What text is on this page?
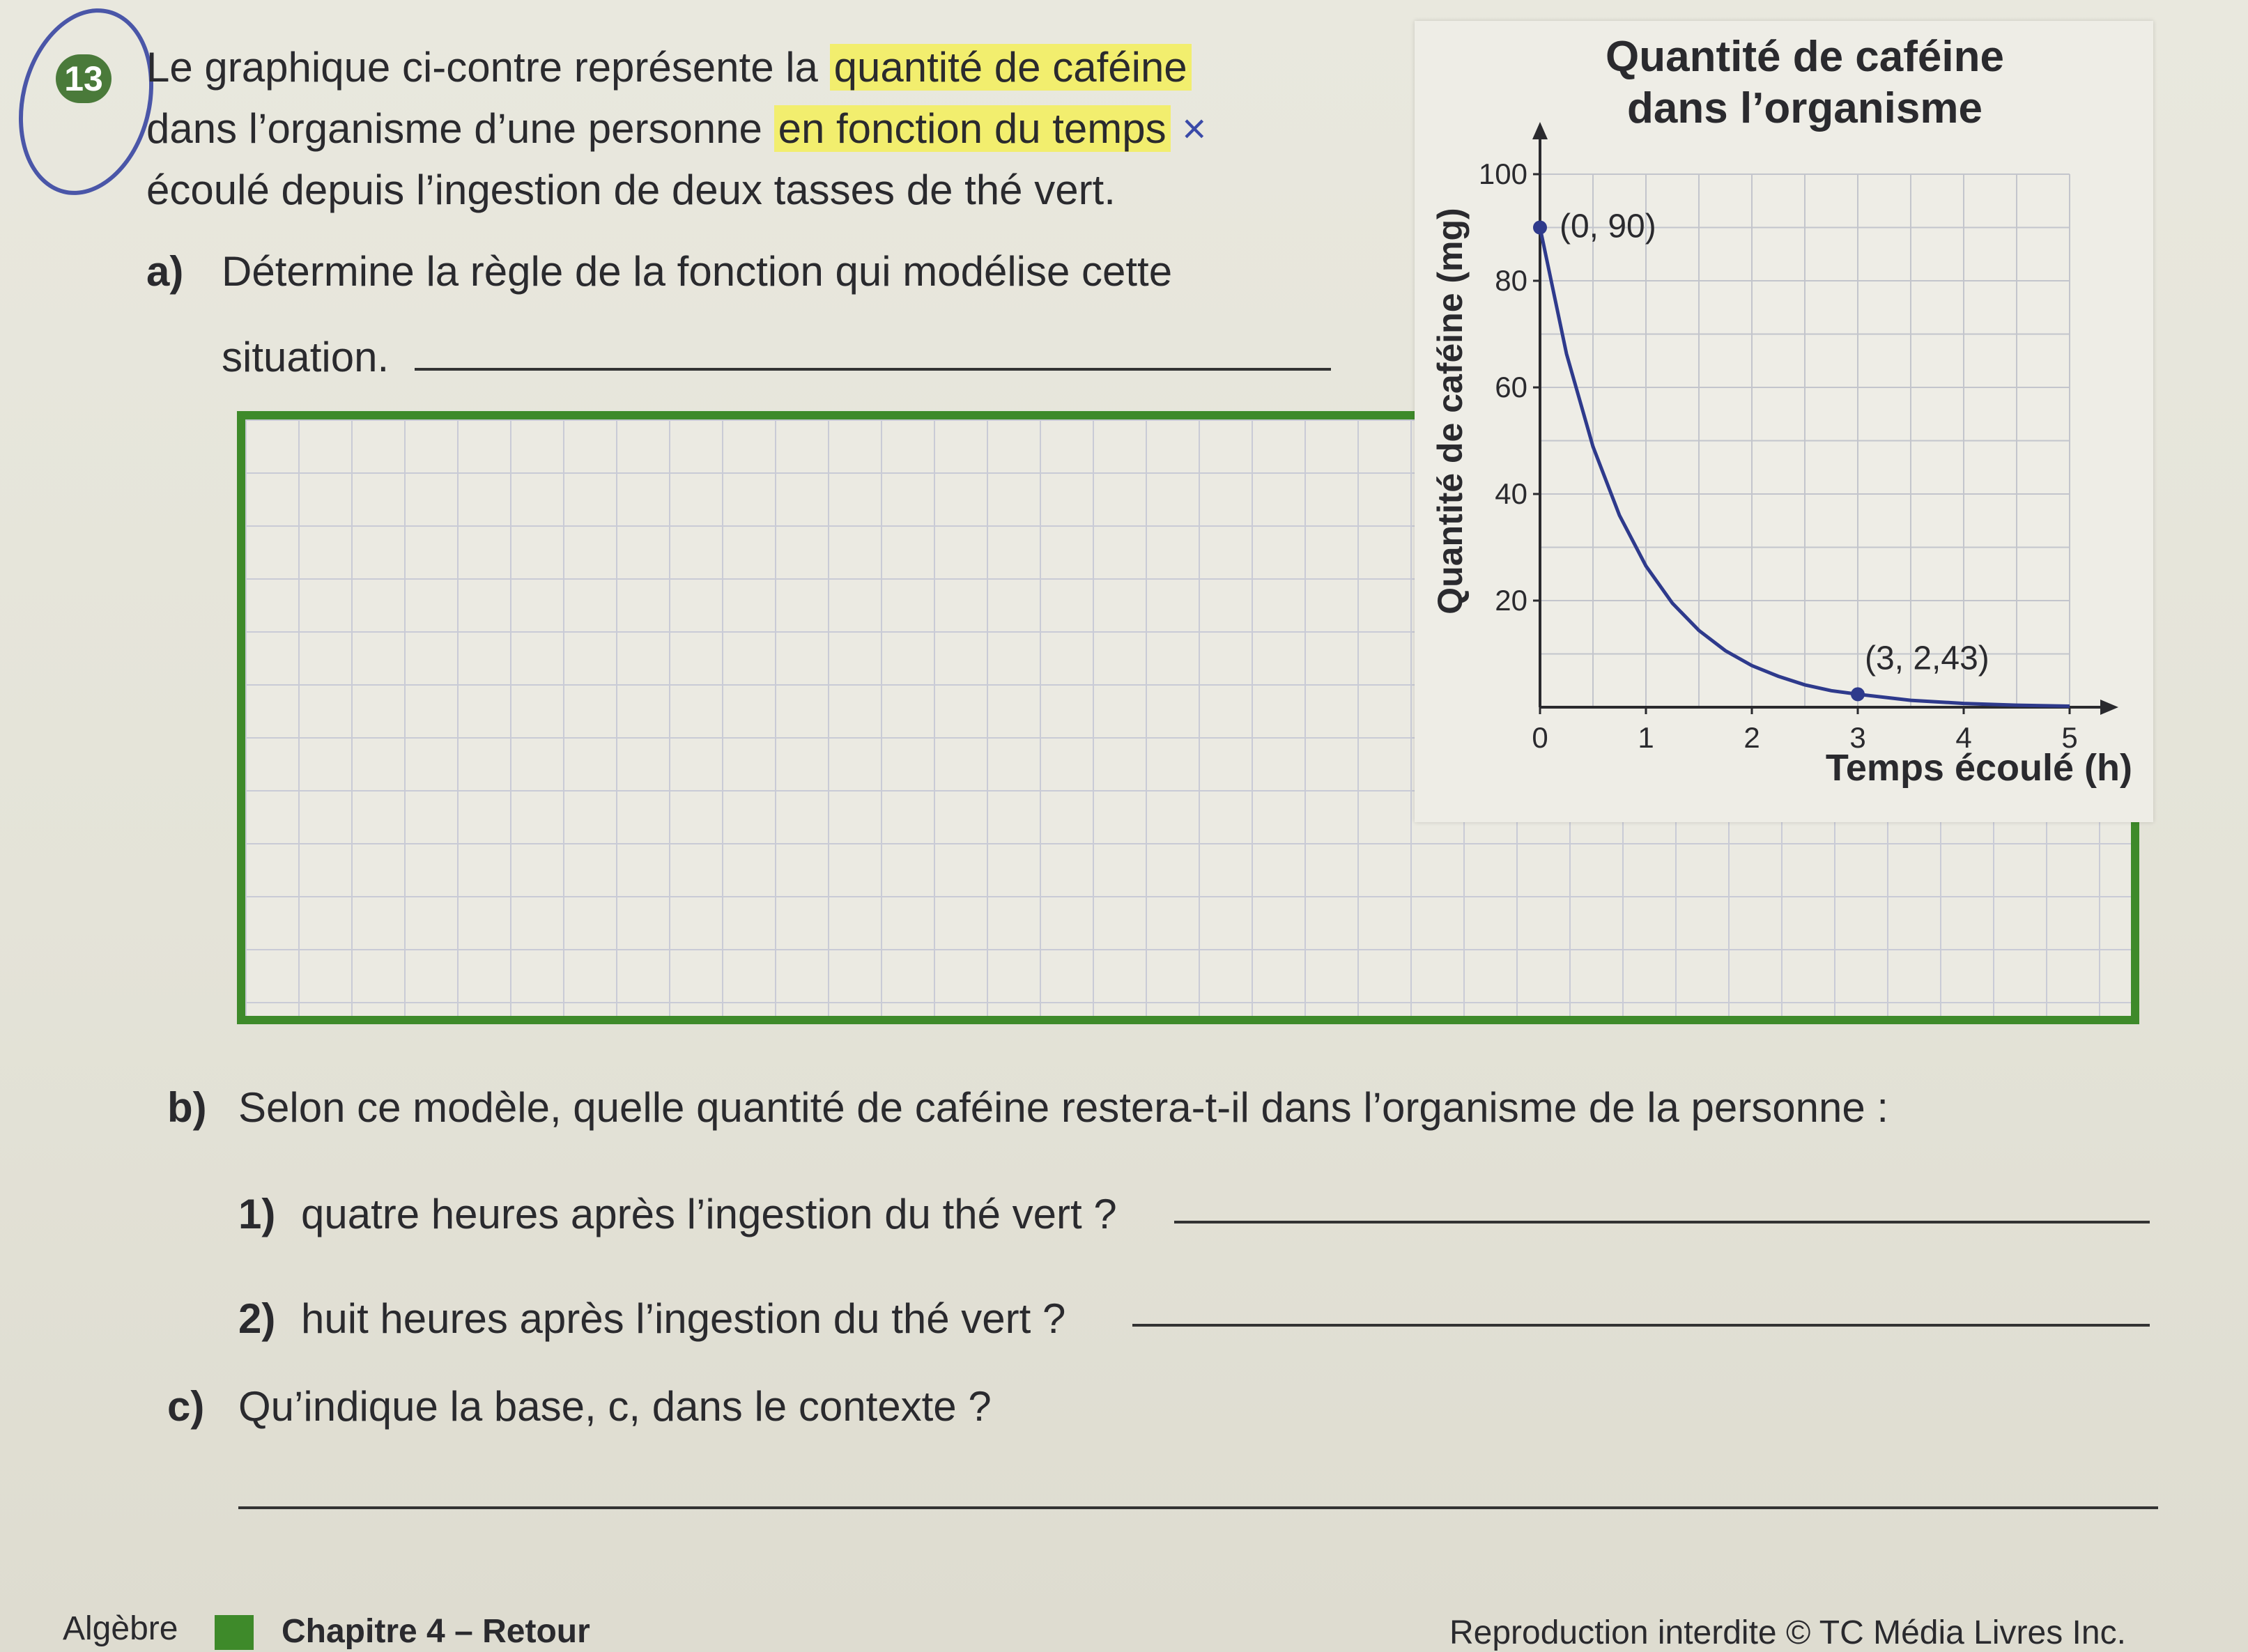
13 Le graphique ci-contre représente la quantité de caféine
dans l’organisme d’une personne en fonction du temps ×
écoulé depuis l’ingestion de deux tasses de thé vert.
a) Détermine la règle de la fonction qui modélise cette
situation.
Quantité de caféine
dans l’organisme
Quantité de caféine (mg)
Temps écoulé (h)
0	1	2	3	4	5
20
40
60
80
100
(0, 90)
(3, 2,43)
b) Selon ce modèle, quelle quantité de caféine restera-t-il dans l’organisme de la personne :
1) quatre heures après l’ingestion du thé vert ?
2) huit heures après l’ingestion du thé vert ?
c) Qu’indique la base, c, dans le contexte ?
Algèbre	Chapitre 4 – Retour	Reproduction interdite © TC Média Livres Inc.
